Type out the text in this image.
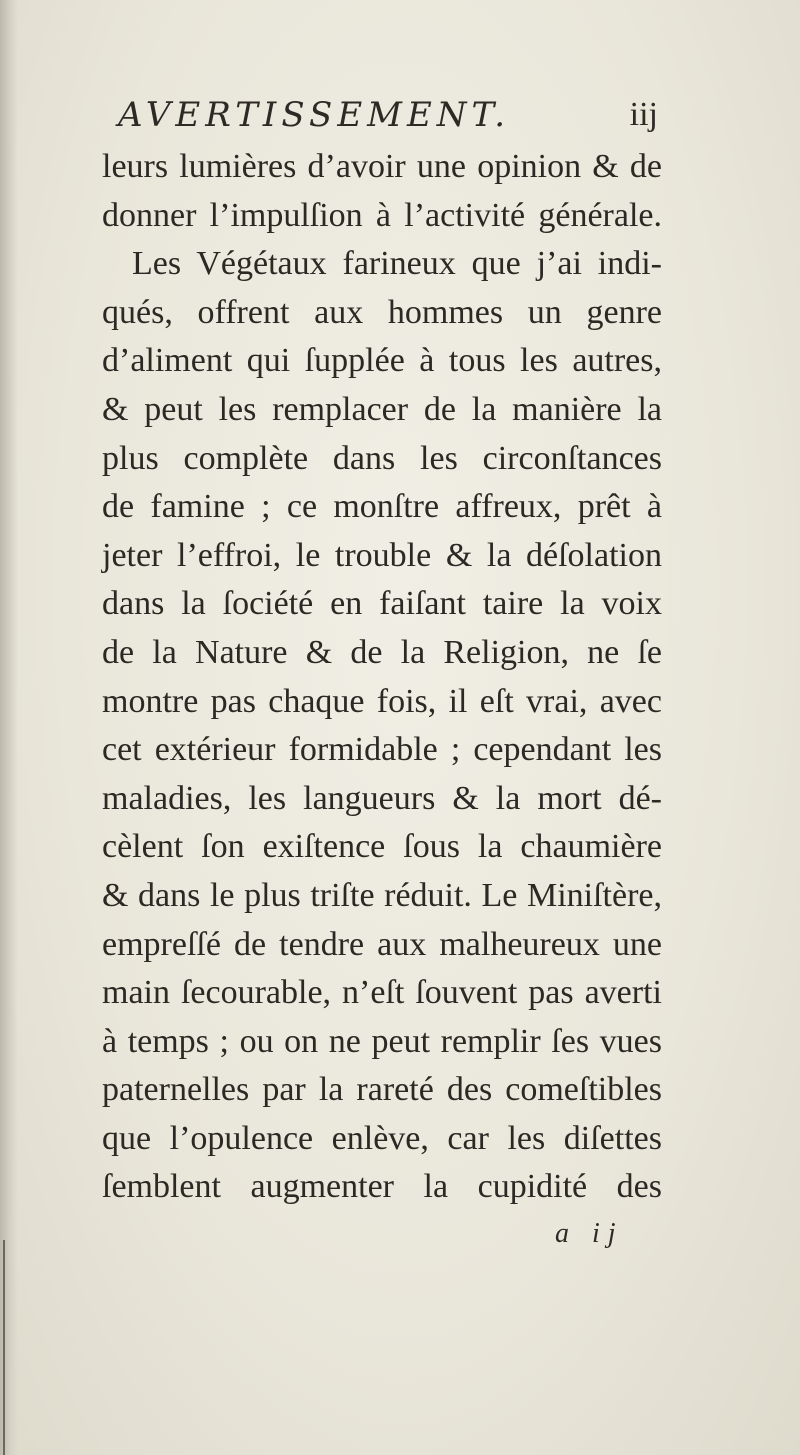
AVERTISSEMENT.	iij
leurs lumières d’avoir une opinion & de
donner l’impulſion à l’activité générale.
Les Végétaux farineux que j’ai indi-
qués, offrent aux hommes un genre
d’aliment qui ſupplée à tous les autres,
& peut les remplacer de la manière la
plus complète dans les circonſtances
de famine ; ce monſtre affreux, prêt à
jeter l’effroi, le trouble & la déſolation
dans la ſociété en faiſant taire la voix
de la Nature & de la Religion, ne ſe
montre pas chaque fois, il eſt vrai, avec
cet extérieur formidable ; cependant les
maladies, les langueurs & la mort dé-
cèlent ſon exiſtence ſous la chaumière
& dans le plus triſte réduit. Le Miniſtère,
empreſſé de tendre aux malheureux une
main ſecourable, n’eſt ſouvent pas averti
à temps ; ou on ne peut remplir ſes vues
paternelles par la rareté des comeſtibles
que l’opulence enlève, car les diſettes
ſemblent augmenter la cupidité des
a ij
